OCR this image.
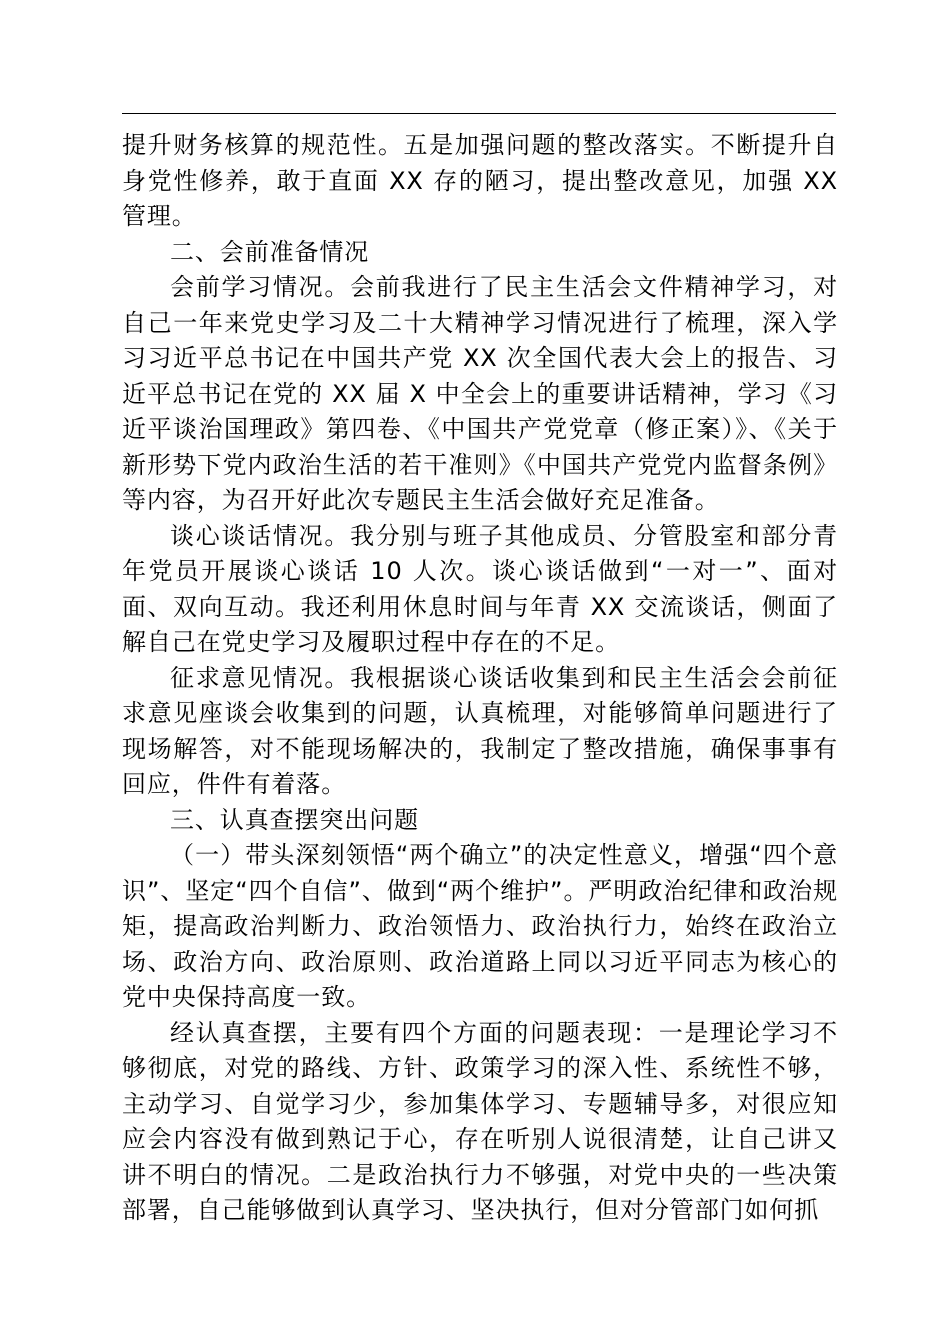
提升财务核算的规范性。五是加强问题的整改落实。不断提升自身党性修养，敢于直面 XX 存的陋习，提出整改意见，加强 XX 管理。

二、会前准备情况

会前学习情况。会前我进行了民主生活会文件精神学习，对自己一年来党史学习及二十大精神学习情况进行了梳理，深入学习习近平总书记在中国共产党 XX 次全国代表大会上的报告、习近平总书记在党的 XX 届 X 中全会上的重要讲话精神，学习《习近平谈治国理政》第四卷、《中国共产党党章（修正案）》、《关于新形势下党内政治生活的若干准则》《中国共产党党内监督条例》等内容，为召开好此次专题民主生活会做好充足准备。

谈心谈话情况。我分别与班子其他成员、分管股室和部分青年党员开展谈心谈话 10 人次。谈心谈话做到“一对一”、面对面、双向互动。我还利用休息时间与年青 XX 交流谈话，侧面了解自己在党史学习及履职过程中存在的不足。

征求意见情况。我根据谈心谈话收集到和民主生活会会前征求意见座谈会收集到的问题，认真梳理，对能够简单问题进行了现场解答，对不能现场解决的，我制定了整改措施，确保事事有回应，件件有着落。

三、认真查摆突出问题

（一）带头深刻领悟“两个确立”的决定性意义，增强“四个意识”、坚定“四个自信”、做到“两个维护”。严明政治纪律和政治规矩，提高政治判断力、政治领悟力、政治执行力，始终在政治立场、政治方向、政治原则、政治道路上同以习近平同志为核心的党中央保持高度一致。

经认真查摆，主要有四个方面的问题表现：一是理论学习不够彻底，对党的路线、方针、政策学习的深入性、系统性不够，主动学习、自觉学习少，参加集体学习、专题辅导多，对很应知应会内容没有做到熟记于心，存在听别人说很清楚，让自己讲又讲不明白的情况。二是政治执行力不够强，对党中央的一些决策部署，自己能够做到认真学习、坚决执行，但对分管部门如何抓
